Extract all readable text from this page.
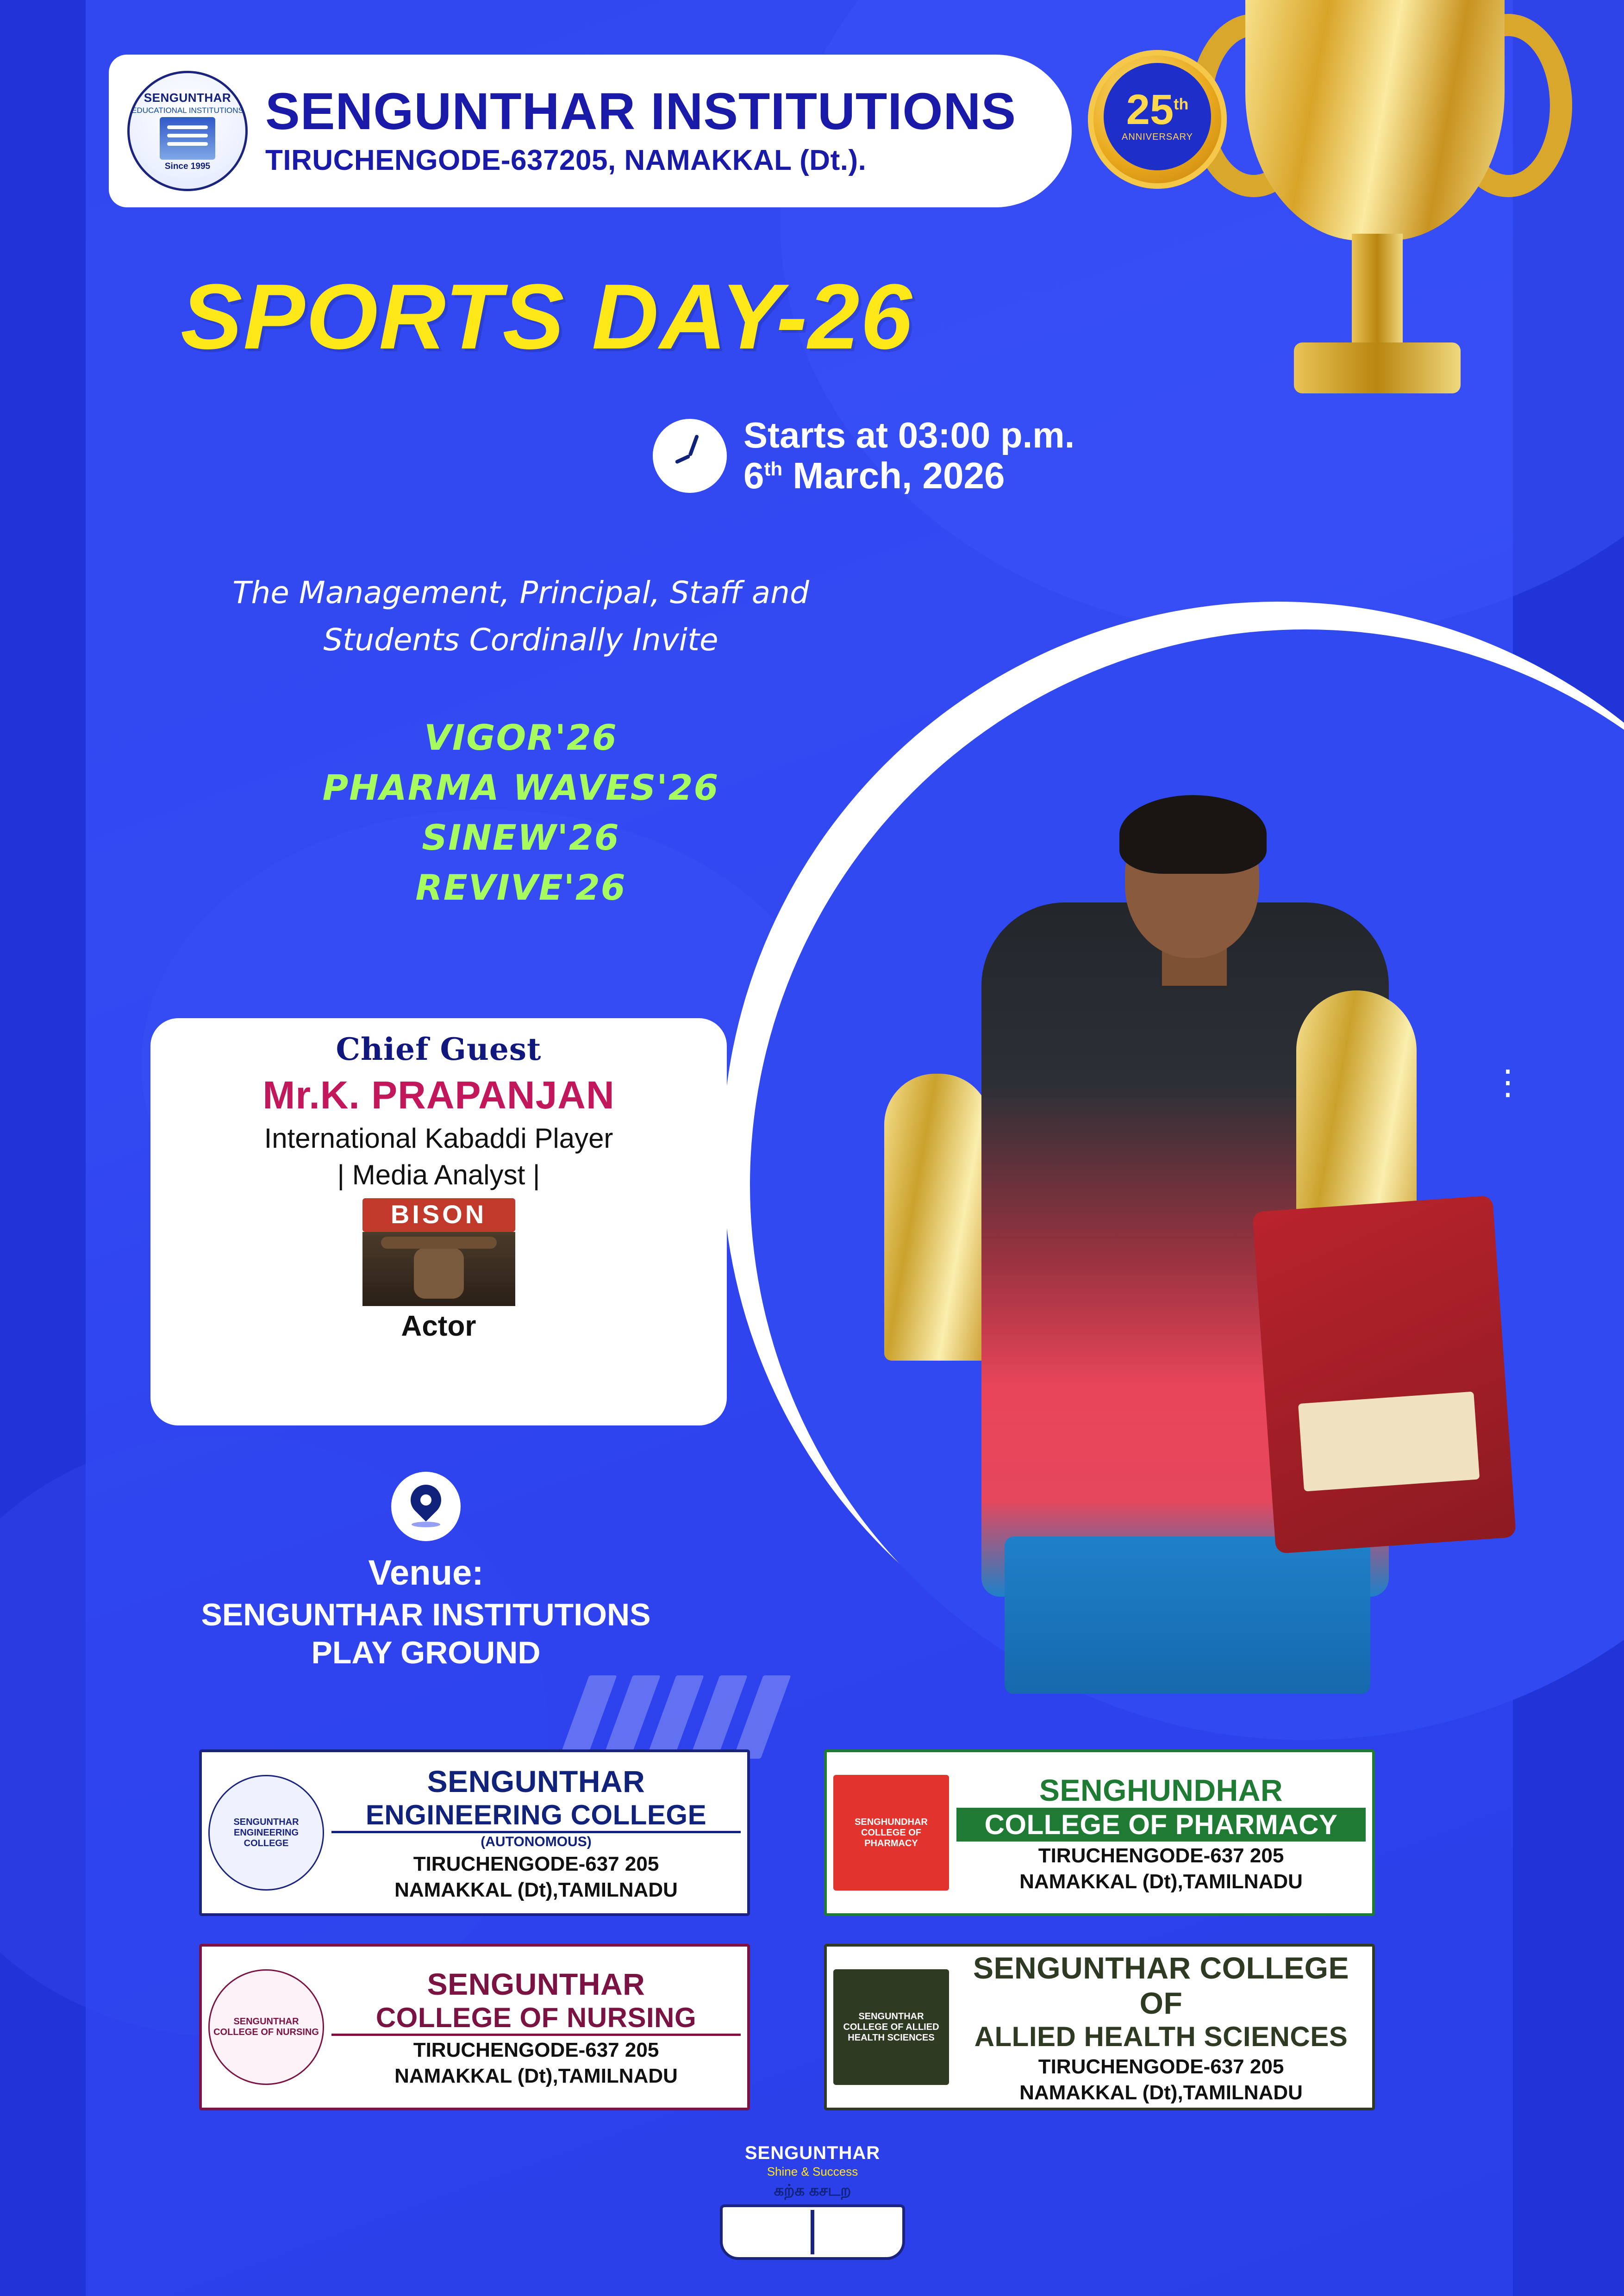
⋮
SENGUNTHAR
EDUCATIONAL INSTITUTIONS
Since 1995
SENGUNTHAR INSTITUTIONS
TIRUCHENGODE-637205, NAMAKKAL (Dt.).
25th
ANNIVERSARY
SPORTS DAY-26
Starts at 03:00 p.m.
6th March, 2026
The Management, Principal, Staff and
Students Cordinally Invite
VIGOR'26
PHARMA WAVES'26
SINEW'26
REVIVE'26
Chief Guest
Mr.K. PRAPANJAN
International Kabaddi Player
| Media Analyst |
BISON
Actor
Venue:
SENGUNTHAR INSTITUTIONS
PLAY GROUND
SENGUNTHAR ENGINEERING COLLEGE
SENGUNTHAR
ENGINEERING COLLEGE
(AUTONOMOUS)
TIRUCHENGODE-637 205
NAMAKKAL (Dt),TAMILNADU
SENGHUNDHAR COLLEGE OF PHARMACY
SENGHUNDHAR
COLLEGE OF PHARMACY
TIRUCHENGODE-637 205
NAMAKKAL (Dt),TAMILNADU
SENGUNTHAR COLLEGE OF NURSING
SENGUNTHAR
COLLEGE OF NURSING
TIRUCHENGODE-637 205
NAMAKKAL (Dt),TAMILNADU
SENGUNTHAR COLLEGE OF ALLIED HEALTH SCIENCES
SENGUNTHAR COLLEGE OF
ALLIED HEALTH SCIENCES
TIRUCHENGODE-637 205
NAMAKKAL (Dt),TAMILNADU
SENGUNTHAR
Shine & Success
கற்க கசடற
